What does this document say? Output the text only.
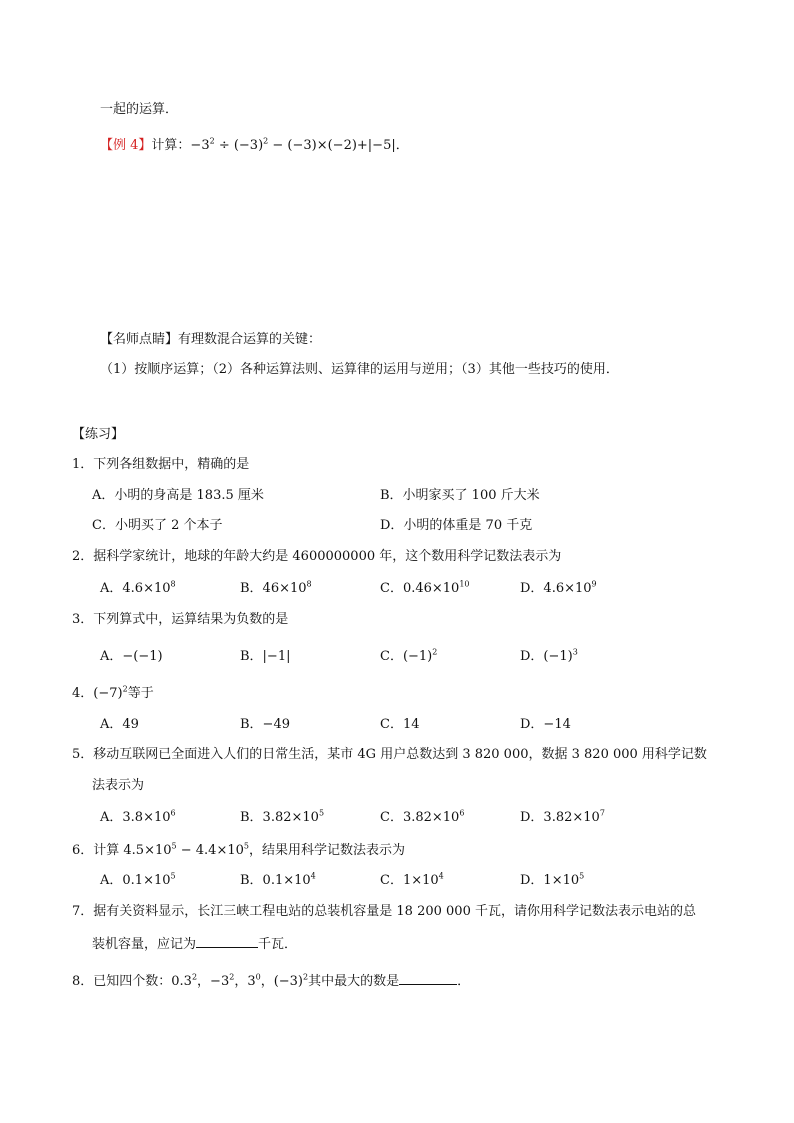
一起的运算．
【例 4】计算：$-3^2 \div (-3)^2 - (-3)\times(-2)+|-5|$．
【名师点睛】有理数混合运算的关键：
（1）按顺序运算；（2）各种运算法则、运算律的运用与逆用；（3）其他一些技巧的使用．
【练习】
1．下列各组数据中，精确的是
A．小明的身高是 183.5 厘米	B．小明家买了 100 斤大米
C．小明买了 2 个本子	D．小明的体重是 70 千克
2．据科学家统计，地球的年龄大约是 4600000000 年，这个数用科学记数法表示为
A．$4.6\times 10^8$	B．$46\times 10^8$	C．$0.46\times 10^{10}$	D．$4.6\times 10^9$
3．下列算式中，运算结果为负数的是
A．−(−1)	B．|−1|	C．$(-1)^2$	D．$(-1)^3$
4．$(-7)^2$等于
A．49	B．−49	C．14	D．−14
5．移动互联网已全面进入人们的日常生活，某市 4G 用户总数达到 3 820 000，数据 3 820 000 用科学记数
法表示为
A．$3.8\times 10^6$	B．$3.82\times 10^5$	C．$3.82\times 10^6$	D．$3.82\times 10^7$
6．计算 $4.5\times 10^5 - 4.4\times 10^5$，结果用科学记数法表示为
A．$0.1\times 10^5$	B．$0.1\times 10^4$	C．$1\times 10^4$	D．$1\times 10^5$
7．据有关资料显示，长江三峡工程电站的总装机容量是 18 200 000 千瓦，请你用科学记数法表示电站的总
装机容量，应记为	千瓦．
8．已知四个数：$0.3^2$，$-3^2$，$3^0$，$(-3)^2$其中最大的数是	．
